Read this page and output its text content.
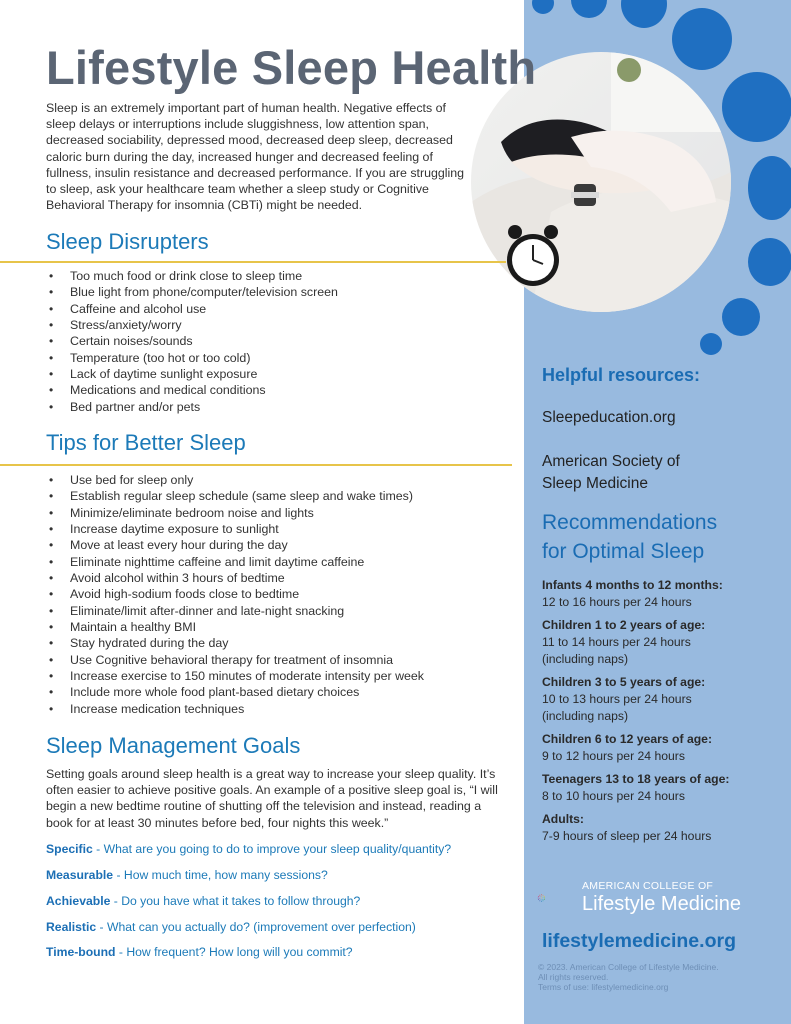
Lifestyle Sleep Health

Sleep is an extremely important part of human health. Negative effects of sleep delays or interruptions include sluggishness, low attention span, decreased sociability, depressed mood, decreased deep sleep, decreased caloric burn during the day, increased hunger and decreased feeling of fullness, insulin resistance and decreased performance. If you are struggling to sleep, ask your healthcare team whether a sleep study or Cognitive Behavioral Therapy for insomnia (CBTi) might be needed.

Sleep Disrupters
• Too much food or drink close to sleep time
• Blue light from phone/computer/television screen
• Caffeine and alcohol use
• Stress/anxiety/worry
• Certain noises/sounds
• Temperature (too hot or too cold)
• Lack of daytime sunlight exposure
• Medications and medical conditions
• Bed partner and/or pets
Tips for Better Sleep
• Use bed for sleep only
• Establish regular sleep schedule (same sleep and wake times)
• Minimize/eliminate bedroom noise and lights
• Increase daytime exposure to sunlight
• Move at least every hour during the day
• Eliminate nighttime caffeine and limit daytime caffeine
• Avoid alcohol within 3 hours of bedtime
• Avoid high-sodium foods close to bedtime
• Eliminate/limit after-dinner and late-night snacking
• Maintain a healthy BMI
• Stay hydrated during the day
• Use Cognitive behavioral therapy for treatment of insomnia
• Increase exercise to 150 minutes of moderate intensity per week
• Include more whole food plant-based dietary choices
• Increase medication techniques
Sleep Management Goals

Setting goals around sleep health is a great way to increase your sleep quality. It’s often easier to achieve positive goals. An example of a positive sleep goal is, “I will begin a new bedtime routine of shutting off the television and instead, reading a book for at least 30 minutes before bed, four nights this week.”

Specific - What are you going to do to improve your sleep quality/quantity?
Measurable - How much time, how many sessions?
Achievable - Do you have what it takes to follow through?
Realistic - What can you actually do? (improvement over perfection)
Time-bound - How frequent? How long will you commit?
Helpful resources:
Sleepeducation.org
American Society of Sleep Medicine
Recommendations
for Optimal Sleep
Infants 4 months to 12 months:
12 to 16 hours per 24 hours
Children 1 to 2 years of age:
11 to 14 hours per 24 hours
(including naps)
Children 3 to 5 years of age:
10 to 13 hours per 24 hours
(including naps)
Children 6 to 12 years of age:
9 to 12 hours per 24 hours
Teenagers 13 to 18 years of age:
8 to 10 hours per 24 hours
Adults:
7-9 hours of sleep per 24 hours
AMERICAN COLLEGE OF
Lifestyle Medicine
lifestylemedicine.org
© 2023. American College of Lifestyle Medicine.
All rights reserved.
Terms of use: lifestylemedicine.org
